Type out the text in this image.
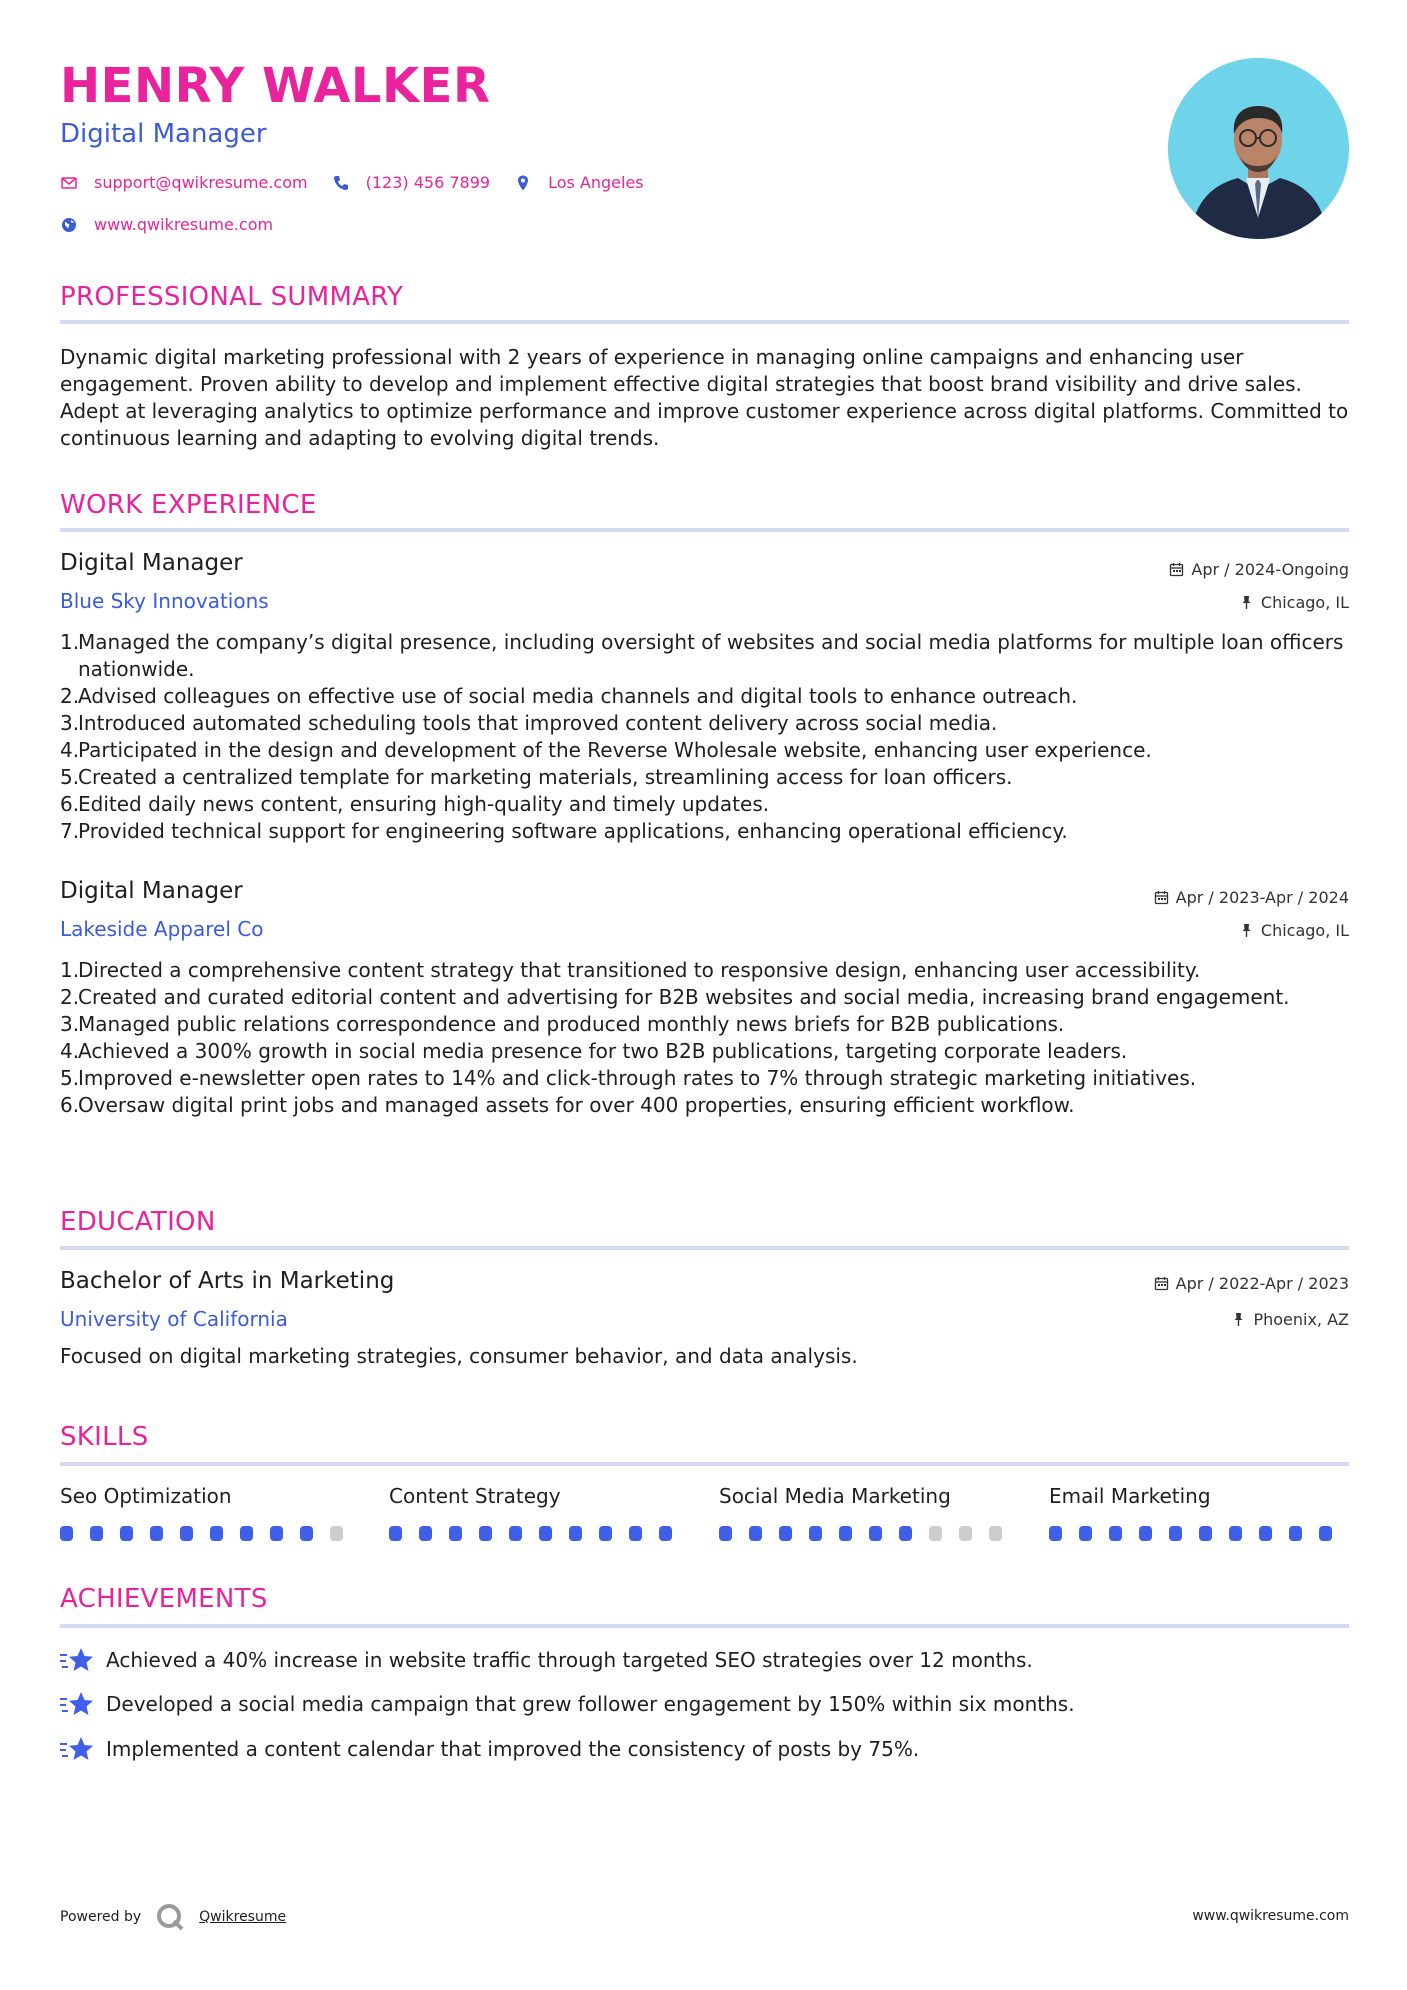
HENRY WALKER
Digital Manager
support@qwikresume.com	(123) 456 7899	Los Angeles
www.qwikresume.com
PROFESSIONAL SUMMARY
Dynamic digital marketing professional with 2 years of experience in managing online campaigns and enhancing user engagement. Proven ability to develop and implement effective digital strategies that boost brand visibility and drive sales. Adept at leveraging analytics to optimize performance and improve customer experience across digital platforms. Committed to continuous learning and adapting to evolving digital trends.
WORK EXPERIENCE
Digital Manager
Blue Sky Innovations
Apr / 2024-Ongoing
Chicago, IL
1.
Managed the company’s digital presence, including oversight of websites and social media platforms for multiple loan officers nationwide.
2.
Advised colleagues on effective use of social media channels and digital tools to enhance outreach.
3.
Introduced automated scheduling tools that improved content delivery across social media.
4.
Participated in the design and development of the Reverse Wholesale website, enhancing user experience.
5.
Created a centralized template for marketing materials, streamlining access for loan officers.
6.
Edited daily news content, ensuring high-quality and timely updates.
7.
Provided technical support for engineering software applications, enhancing operational efficiency.
Digital Manager
Lakeside Apparel Co
Apr / 2023-Apr / 2024
Chicago, IL
1.
Directed a comprehensive content strategy that transitioned to responsive design, enhancing user accessibility.
2.
Created and curated editorial content and advertising for B2B websites and social media, increasing brand engagement.
3.
Managed public relations correspondence and produced monthly news briefs for B2B publications.
4.
Achieved a 300% growth in social media presence for two B2B publications, targeting corporate leaders.
5.
Improved e-newsletter open rates to 14% and click-through rates to 7% through strategic marketing initiatives.
6.
Oversaw digital print jobs and managed assets for over 400 properties, ensuring efficient workflow.
EDUCATION
Bachelor of Arts in Marketing
University of California
Apr / 2022-Apr / 2023
Phoenix, AZ
Focused on digital marketing strategies, consumer behavior, and data analysis.
SKILLS
Seo Optimization	Content Strategy	Social Media Marketing	Email Marketing
ACHIEVEMENTS
Achieved a 40% increase in website traffic through targeted SEO strategies over 12 months.
Developed a social media campaign that grew follower engagement by 150% within six months.
Implemented a content calendar that improved the consistency of posts by 75%.
Powered by	Qwikresume	www.qwikresume.com
